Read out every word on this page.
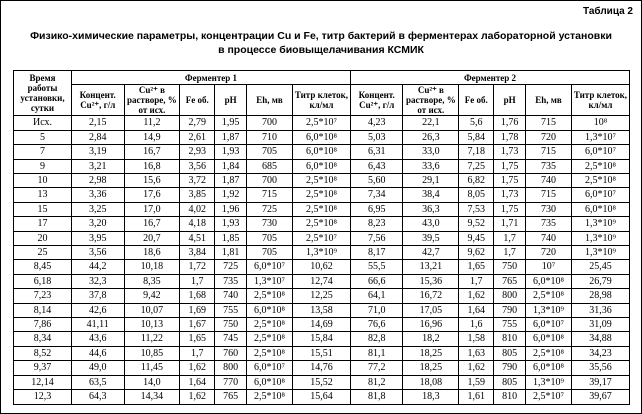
Таблица 2
Физико-химические параметры, концентрации Cu и Fe, титр бактерий в ферментерах лабораторной установки
в процессе биовыщелачивания КСМИК
Время работы установки, сутки	Ферментер 1						Ферментер 2					
	Концент. Cu²⁺, г/л	Cu²⁺ в растворе, % от исх.	Fe об.	pH	Eh, мв	Титр клеток, кл/мл	Концент. Cu²⁺, г/л	Cu²⁺ в растворе, % от исх.	Fe об.	pH	Eh, мв	Титр клеток, кл/мл
Исх.	2,15	11,2	2,79	1,95	700	2,5*10⁷	4,23	22,1	5,6	1,76	715	10⁸
5	2,84	14,9	2,61	1,87	710	6,0*10⁸	5,03	26,3	5,84	1,78	720	1,3*10⁷
7	3,19	16,7	2,93	1,93	705	6,0*10⁸	6,31	33,0	7,18	1,73	715	6,0*10⁷
9	3,21	16,8	3,56	1,84	685	6,0*10⁸	6,43	33,6	7,25	1,75	735	2,5*10⁸
10	2,98	15,6	3,72	1,87	700	2,5*10⁸	5,60	29,1	6,82	1,75	740	2,5*10⁸
13	3,36	17,6	3,85	1,92	715	2,5*10⁸	7,34	38,4	8,05	1,73	715	6,0*10⁷
15	3,25	17,0	4,02	1,96	725	2,5*10⁸	6,95	36,3	7,53	1,75	730	6,0*10⁸
17	3,20	16,7	4,18	1,93	730	2,5*10⁸	8,23	43,0	9,52	1,71	735	1,3*10⁹
20	3,95	20,7	4,51	1,85	705	2,5*10⁷	7,56	39,5	9,45	1,7	740	1,3*10⁹
25	3,56	18,6	3,84	1,81	705	1,3*10⁹	8,17	42,7	9,62	1,7	720	1,3*10⁹
8,45	44,2	10,18	1,72	725	6,0*10⁷	10,62	55,5	13,21	1,65	750	10⁷	25,45
6,18	32,3	8,35	1,7	735	1,3*10⁷	12,74	66,6	15,36	1,7	765	6,0*10⁸	26,79
7,23	37,8	9,42	1,68	740	2,5*10⁸	12,25	64,1	16,72	1,62	800	2,5*10⁸	28,98
8,14	42,6	10,07	1,69	755	6,0*10⁸	13,58	71,0	17,05	1,64	790	1,3*10⁹	31,36
7,86	41,11	10,13	1,67	750	2,5*10⁸	14,69	76,6	16,96	1,6	755	6,0*10⁷	31,09
8,34	43,6	11,22	1,65	745	2,5*10⁸	15,84	82,8	18,2	1,58	810	6,0*10⁸	34,88
8,52	44,6	10,85	1,7	760	2,5*10⁸	15,51	81,1	18,25	1,63	805	2,5*10⁸	34,23
9,37	49,0	11,45	1,62	800	6,0*10⁷	14,76	77,2	18,25	1,62	790	6,0*10⁸	35,56
12,14	63,5	14,0	1,64	770	6,0*10⁸	15,52	81,2	18,08	1,59	805	1,3*10⁹	39,17
12,3	64,3	14,34	1,62	765	2,5*10⁸	15,64	81,8	18,3	1,61	810	2,5*10⁷	39,67
